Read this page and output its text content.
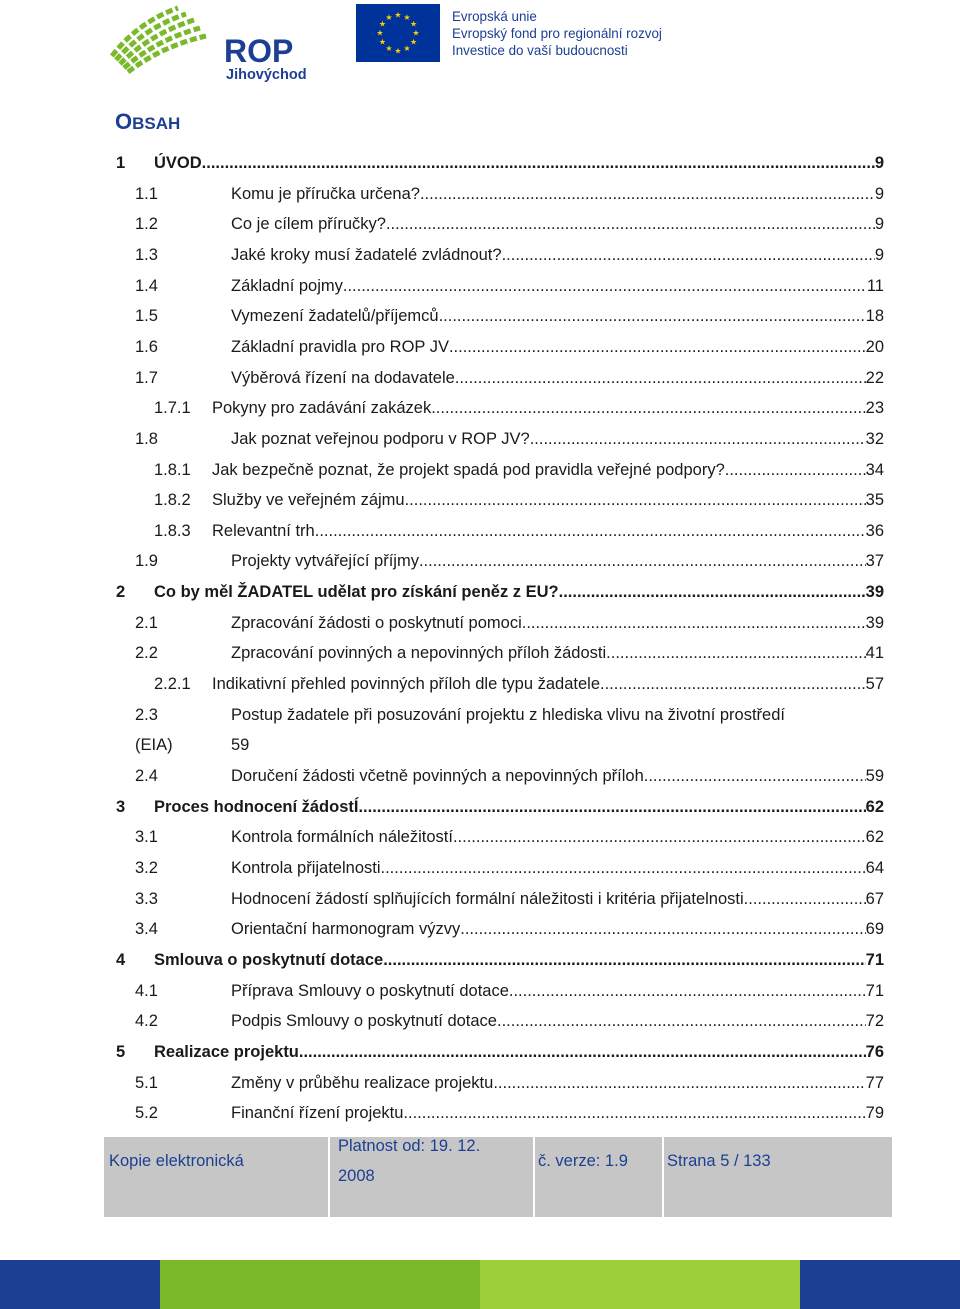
ROP
Jihovýchod
★ ★
★
★
★
★
★
★
★
★
★
★	Evropská unie
Evropský fond pro regionální rozvoj
Investice do vaší budoucnosti
OBSAH
1 ÚVOD .....	9
1.1	Komu je příručka určena? .....	9
1.2	Co je cílem příručky? .....	9
1.3	Jaké kroky musí žadatelé zvládnout? .....	9
1.4	Základní pojmy .....	11
1.5	Vymezení žadatelů/příjemců .....	18
1.6	Základní pravidla pro ROP JV .....	20
1.7	Výběrová řízení na dodavatele .....	22
1.7.1 Pokyny pro zadávání zakázek .....	23
1.8	Jak poznat veřejnou podporu v ROP JV? .....	32
1.8.1 Jak bezpečně poznat, že projekt spadá pod pravidla veřejné podpory? .....	34
1.8.2 Služby ve veřejném zájmu .....	35
1.8.3 Relevantní trh .....	36
1.9	Projekty vytvářející příjmy .....	37
2 Co by měl ŽADATEL udělat pro získání peněz z EU? .....	39
2.1	Zpracování žádosti o poskytnutí pomoci .....	39
2.2	Zpracování povinných a nepovinných příloh žádosti .....	41
2.2.1 Indikativní přehled povinných příloh dle typu žadatele .....	57
2.3	Postup žadatele při posuzování projektu z hlediska vlivu na životní prostředí
(EIA)	59
2.4	Doručení žádosti včetně povinných a nepovinných příloh .....	59
3 Proces hodnocení žádostÍ .....	62
3.1	Kontrola formálních náležitostí .....	62
3.2	Kontrola přijatelnosti .....	64
3.3	Hodnocení žádostí splňujících formální náležitosti i kritéria přijatelnosti .....	67
3.4	Orientační harmonogram výzvy .....	69
4 Smlouva o poskytnutí dotace .....	71
4.1	Příprava Smlouvy o poskytnutí dotace .....	71
4.2	Podpis Smlouvy o poskytnutí dotace .....	72
5 Realizace projektu .....	76
5.1	Změny v průběhu realizace projektu .....	77
5.2	Finanční řízení projektu .....	79
Kopie elektronická
Platnost od: 19. 12.
2008
č. verze: 1.9 Strana 5 / 133
